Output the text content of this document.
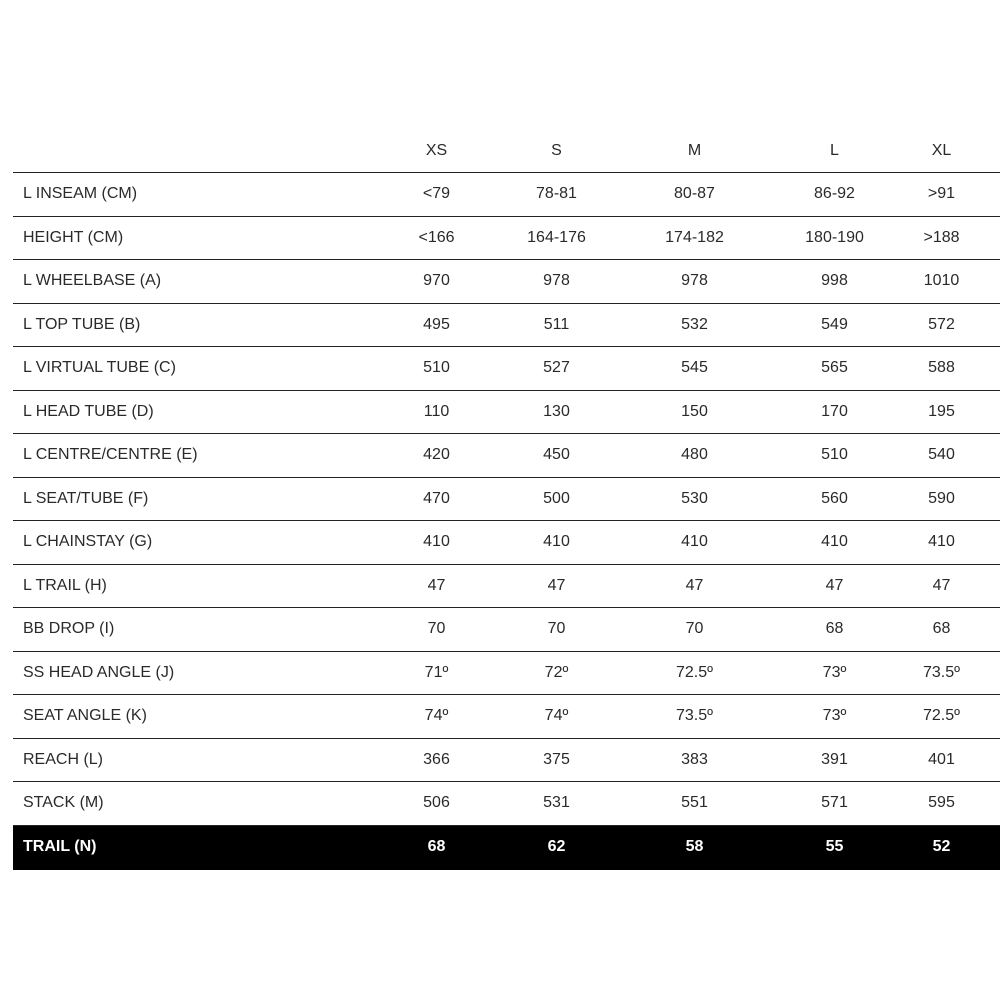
	XS	S	M	L	XL
L INSEAM (CM)	<79	78-81	80-87	86-92	>91
HEIGHT (CM)	<166	164-176	174-182	180-190	>188
L WHEELBASE (A)	970	978	978	998	1010
L TOP TUBE (B)	495	511	532	549	572
L VIRTUAL TUBE (C)	510	527	545	565	588
L HEAD TUBE (D)	110	130	150	170	195
L CENTRE/CENTRE (E)	420	450	480	510	540
L SEAT/TUBE (F)	470	500	530	560	590
L CHAINSTAY (G)	410	410	410	410	410
L TRAIL (H)	47	47	47	47	47
BB DROP (I)	70	70	70	68	68
SS HEAD ANGLE (J)	71º	72º	72.5º	73º	73.5º
SEAT ANGLE (K)	74º	74º	73.5º	73º	72.5º
REACH (L)	366	375	383	391	401
STACK (M)	506	531	551	571	595
TRAIL (N)	68	62	58	55	52
